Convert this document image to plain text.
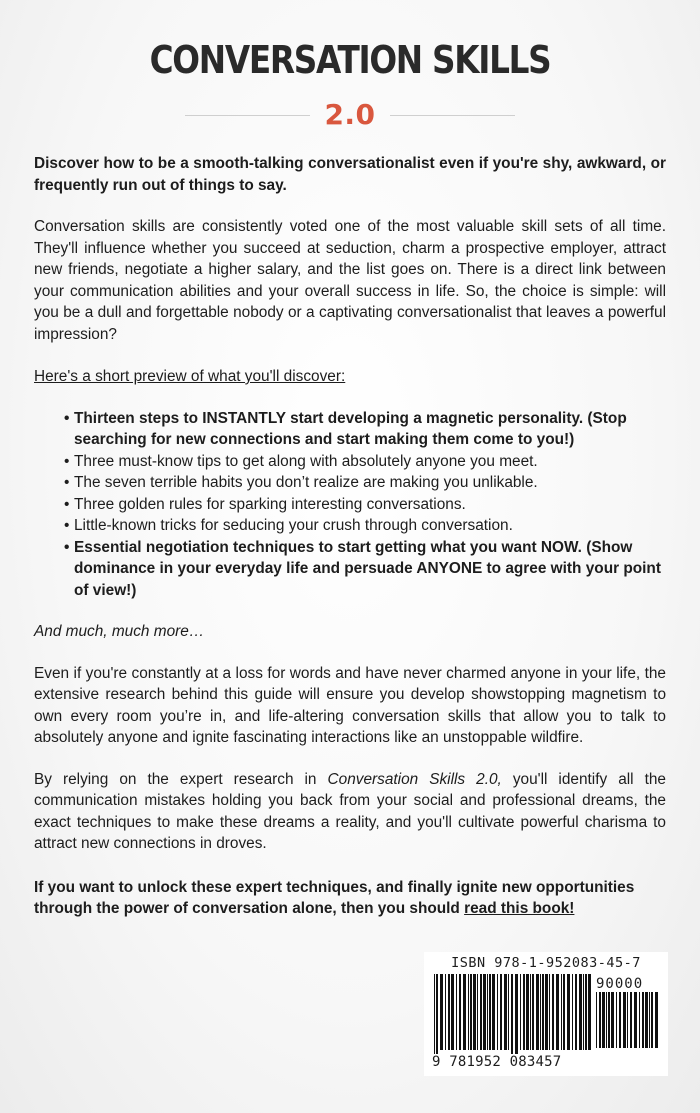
CONVERSATION SKILLS
2.0

Discover how to be a smooth-talking conversationalist even if you're shy, awkward, or frequently run out of things to say.

Conversation skills are consistently voted one of the most valuable skill sets of all time. They'll influence whether you succeed at seduction, charm a prospective employer, attract new friends, negotiate a higher salary, and the list goes on. There is a direct link between your communication abilities and your overall success in life. So, the choice is simple: will you be a dull and forgettable nobody or a captivating conversationalist that leaves a powerful impression?

Here's a short preview of what you'll discover:

• Thirteen steps to INSTANTLY start developing a magnetic personality. (Stop searching for new connections and start making them come to you!)
• Three must-know tips to get along with absolutely anyone you meet.
• The seven terrible habits you don’t realize are making you unlikable.
• Three golden rules for sparking interesting conversations.
• Little-known tricks for seducing your crush through conversation.
• Essential negotiation techniques to start getting what you want NOW. (Show dominance in your everyday life and persuade ANYONE to agree with your point of view!)

And much, much more…

Even if you're constantly at a loss for words and have never charmed anyone in your life, the extensive research behind this guide will ensure you develop showstopping magnetism to own every room you’re in, and life-altering conversation skills that allow you to talk to absolutely anyone and ignite fascinating interactions like an unstoppable wildfire.

By relying on the expert research in Conversation Skills 2.0, you'll identify all the communication mistakes holding you back from your social and professional dreams, the exact techniques to make these dreams a reality, and you'll cultivate powerful charisma to attract new connections in droves.

If you want to unlock these expert techniques, and finally ignite new opportunities through the power of conversation alone, then you should read this book!

ISBN 978-1-952083-45-7
90000
9 781952 083457
